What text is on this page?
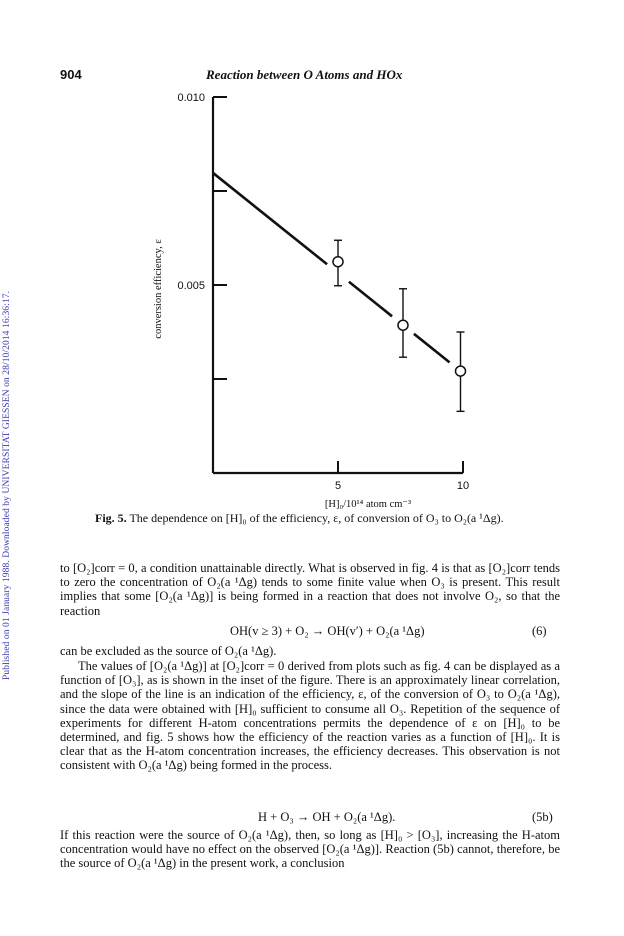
Published on 01 January 1988. Downloaded by UNIVERSITAT GIESSEN on 28/10/2014 16:36:17.
904	Reaction between O Atoms and HOx
0.005
0.010
5	10
conversion efficiency, ε
[H]₀/10¹⁴ atom cm⁻³
Fig. 5. The dependence on [H]₀ of the efficiency, ε, of conversion of O₃ to O₂(a ¹Δg).
to [O₂]corr = 0, a condition unattainable directly. What is observed in fig. 4 is that as [O₂]corr tends to zero the concentration of O₂(a ¹Δg) tends to some finite value when O₃ is present. This result implies that some [O₂(a ¹Δg)] is being formed in a reaction that does not involve O₂, so that the reaction
OH(v ≥ 3) + O₂ → OH(v′) + O₂(a ¹Δg)	(6)
can be excluded as the source of O₂(a ¹Δg).
The values of [O₂(a ¹Δg)] at [O₂]corr = 0 derived from plots such as fig. 4 can be displayed as a function of [O₃], as is shown in the inset of the figure. There is an approximately linear correlation, and the slope of the line is an indication of the efficiency, ε, of the conversion of O₃ to O₂(a ¹Δg), since the data were obtained with [H]₀ sufficient to consume all O₃. Repetition of the sequence of experiments for different H-atom concentrations permits the dependence of ε on [H]₀ to be determined, and fig. 5 shows how the efficiency of the reaction varies as a function of [H]₀. It is clear that as the H-atom concentration increases, the efficiency decreases. This observation is not consistent with O₂(a ¹Δg) being formed in the process.
H + O₃ → OH + O₂(a ¹Δg).	(5b)
If this reaction were the source of O₂(a ¹Δg), then, so long as [H]₀ > [O₃], increasing the H-atom concentration would have no effect on the observed [O₂(a ¹Δg)]. Reaction (5b) cannot, therefore, be the source of O₂(a ¹Δg) in the present work, a conclusion
